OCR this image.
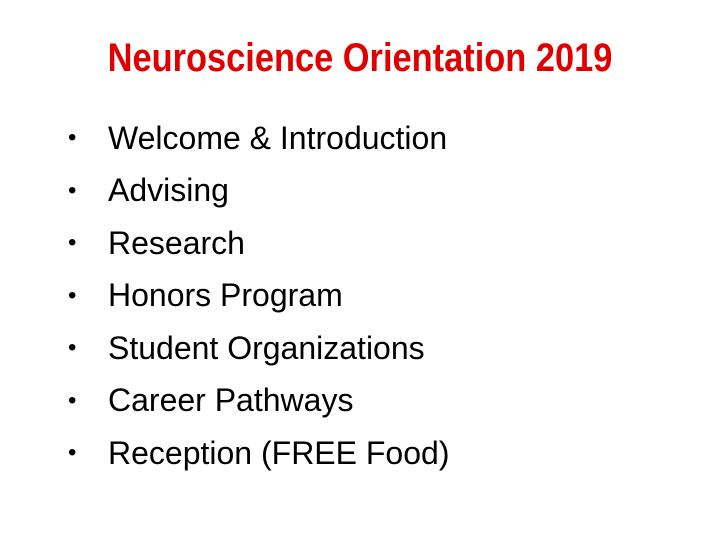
Neuroscience Orientation 2019
• Welcome & Introduction
• Advising
• Research
• Honors Program
• Student Organizations
• Career Pathways
• Reception (FREE Food)
